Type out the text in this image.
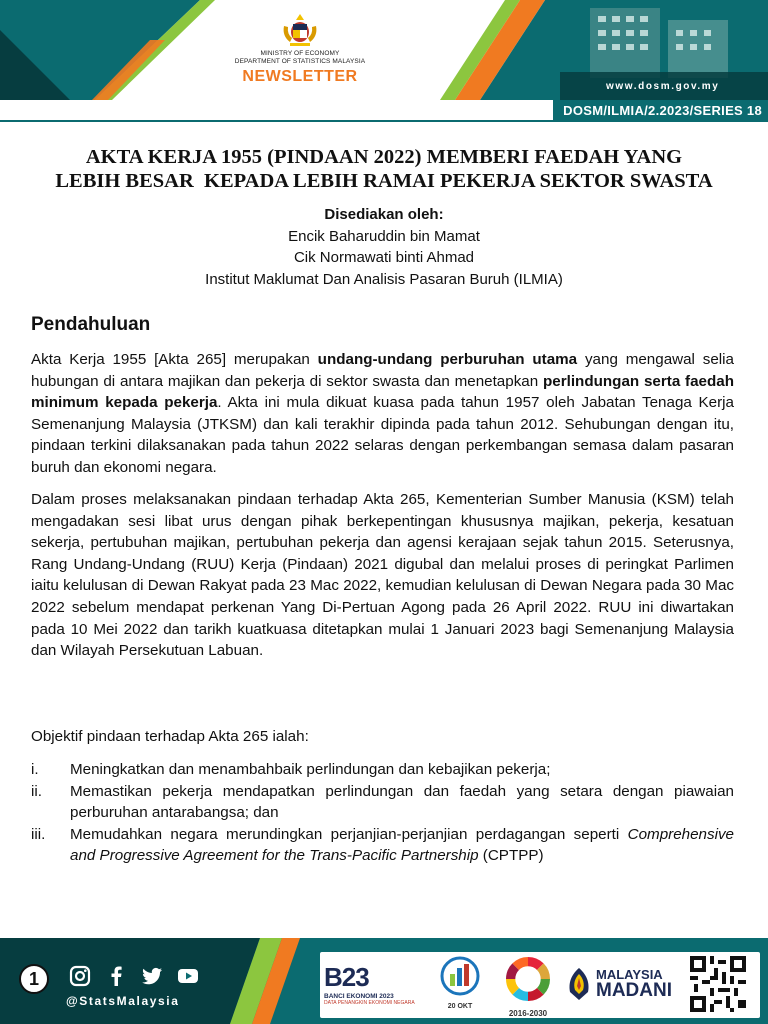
MINISTRY OF ECONOMY
DEPARTMENT OF STATISTICS MALAYSIA
NEWSLETTER
www.dosm.gov.my
DOSM/ILMIA/2.2023/SERIES 18
AKTA KERJA 1955 (PINDAAN 2022) MEMBERI FAEDAH YANG
LEBIH BESAR  KEPADA LEBIH RAMAI PEKERJA SEKTOR SWASTA
Disediakan oleh:
Encik Baharuddin bin Mamat
Cik Normawati binti Ahmad
Institut Maklumat Dan Analisis Pasaran Buruh (ILMIA)
Pendahuluan
Akta Kerja 1955 [Akta 265] merupakan undang-undang perburuhan utama yang mengawal selia hubungan di antara majikan dan pekerja di sektor swasta dan menetapkan perlindungan serta faedah minimum kepada pekerja. Akta ini mula dikuat kuasa pada tahun 1957 oleh Jabatan Tenaga Kerja Semenanjung Malaysia (JTKSM) dan kali terakhir dipinda pada tahun 2012. Sehubungan dengan itu, pindaan terkini dilaksanakan pada tahun 2022 selaras dengan perkembangan semasa dalam pasaran buruh dan ekonomi negara.
Dalam proses melaksanakan pindaan terhadap Akta 265, Kementerian Sumber Manusia (KSM) telah mengadakan sesi libat urus dengan pihak berkepentingan khususnya majikan, pekerja, kesatuan sekerja, pertubuhan majikan, pertubuhan pekerja dan agensi kerajaan sejak tahun 2015. Seterusnya, Rang Undang-Undang (RUU) Kerja (Pindaan) 2021 digubal dan melalui proses di peringkat Parlimen iaitu kelulusan di Dewan Rakyat pada 23 Mac 2022, kemudian kelulusan di Dewan Negara pada 30 Mac 2022 sebelum mendapat perkenan Yang Di-Pertuan Agong pada 26 April 2022. RUU ini diwartakan pada 10 Mei 2022 dan tarikh kuatkuasa ditetapkan mulai 1 Januari 2023 bagi Semenanjung Malaysia dan Wilayah Persekutuan Labuan.
Objektif pindaan terhadap Akta 265 ialah:
i.	Meningkatkan dan menambahbaik perlindungan dan kebajikan pekerja;
ii.	Memastikan pekerja mendapatkan perlindungan dan faedah yang setara dengan piawaian perburuhan antarabangsa; dan
iii.	Memudahkan negara merundingkan perjanjian-perjanjian perdagangan seperti Comprehensive and Progressive Agreement for the Trans-Pacific Partnership (CPTPP)
1
@StatsMalaysia
B23
BANCI EKONOMI 2023
DATA PENANGKIN EKONOMI NEGARA	20 OKT
2016-2030
MALAYSIA
MADANI
